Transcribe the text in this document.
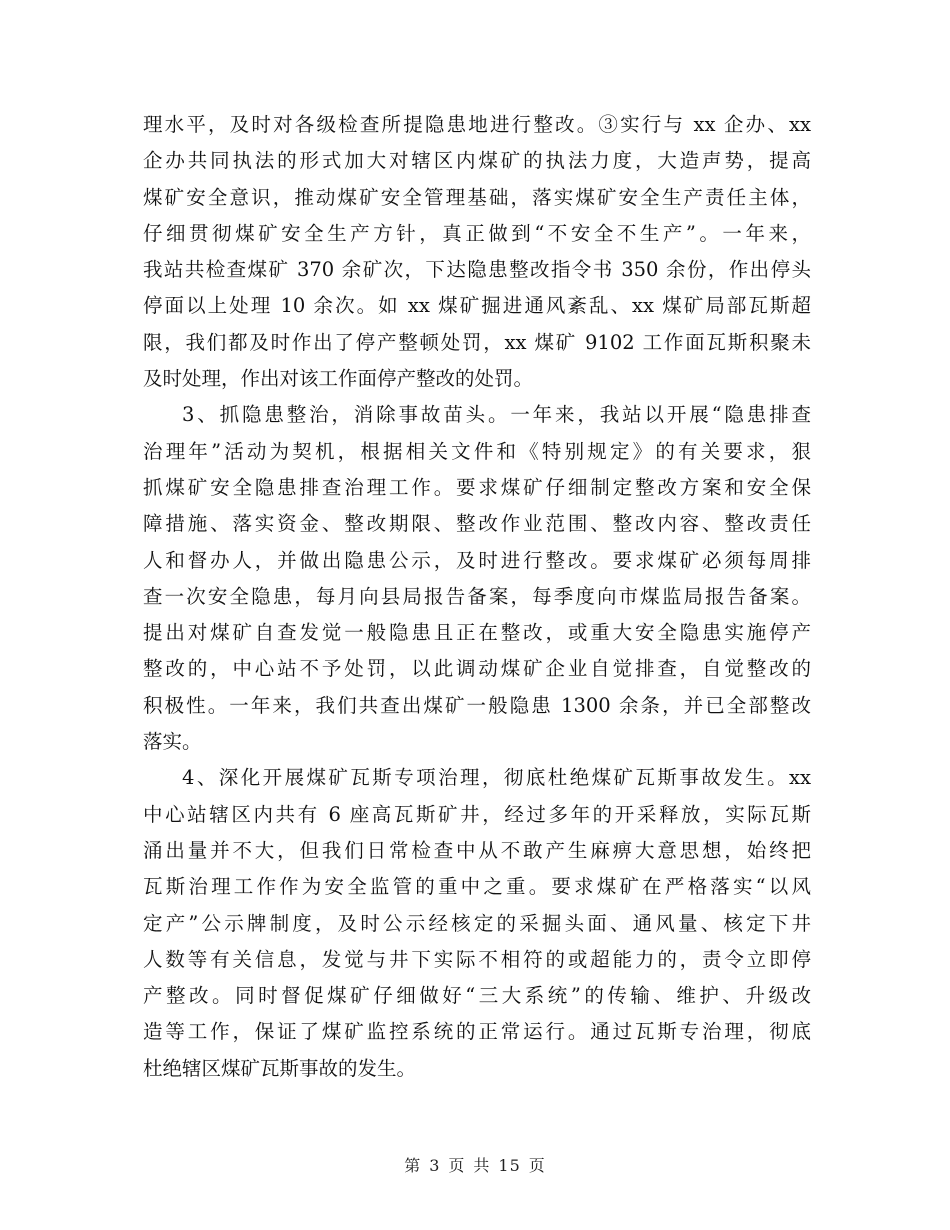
理水平，及时对各级检查所提隐患地进行整改。③实行与 xx 企办、xx
企办共同执法的形式加大对辖区内煤矿的执法力度，大造声势，提高
煤矿安全意识，推动煤矿安全管理基础，落实煤矿安全生产责任主体，
仔细贯彻煤矿安全生产方针，真正做到“不安全不生产”。一年来，
我站共检查煤矿 370 余矿次，下达隐患整改指令书 350 余份，作出停头
停面以上处理 10 余次。如 xx 煤矿掘进通风紊乱、xx 煤矿局部瓦斯超
限，我们都及时作出了停产整顿处罚，xx 煤矿 9102 工作面瓦斯积聚未
及时处理，作出对该工作面停产整改的处罚。
3、抓隐患整治，消除事故苗头。一年来，我站以开展“隐患排查
治理年”活动为契机，根据相关文件和《特别规定》的有关要求，狠
抓煤矿安全隐患排查治理工作。要求煤矿仔细制定整改方案和安全保
障措施、落实资金、整改期限、整改作业范围、整改内容、整改责任
人和督办人，并做出隐患公示，及时进行整改。要求煤矿必须每周排
查一次安全隐患，每月向县局报告备案，每季度向市煤监局报告备案。
提出对煤矿自查发觉一般隐患且正在整改，或重大安全隐患实施停产
整改的，中心站不予处罚，以此调动煤矿企业自觉排查，自觉整改的
积极性。一年来，我们共查出煤矿一般隐患 1300 余条，并已全部整改
落实。
4、深化开展煤矿瓦斯专项治理，彻底杜绝煤矿瓦斯事故发生。xx
中心站辖区内共有 6 座高瓦斯矿井，经过多年的开采释放，实际瓦斯
涌出量并不大，但我们日常检查中从不敢产生麻痹大意思想，始终把
瓦斯治理工作作为安全监管的重中之重。要求煤矿在严格落实“以风
定产”公示牌制度，及时公示经核定的采掘头面、通风量、核定下井
人数等有关信息，发觉与井下实际不相符的或超能力的，责令立即停
产整改。同时督促煤矿仔细做好“三大系统”的传输、维护、升级改
造等工作，保证了煤矿监控系统的正常运行。通过瓦斯专治理，彻底
杜绝辖区煤矿瓦斯事故的发生。
第 3 页 共 15 页
